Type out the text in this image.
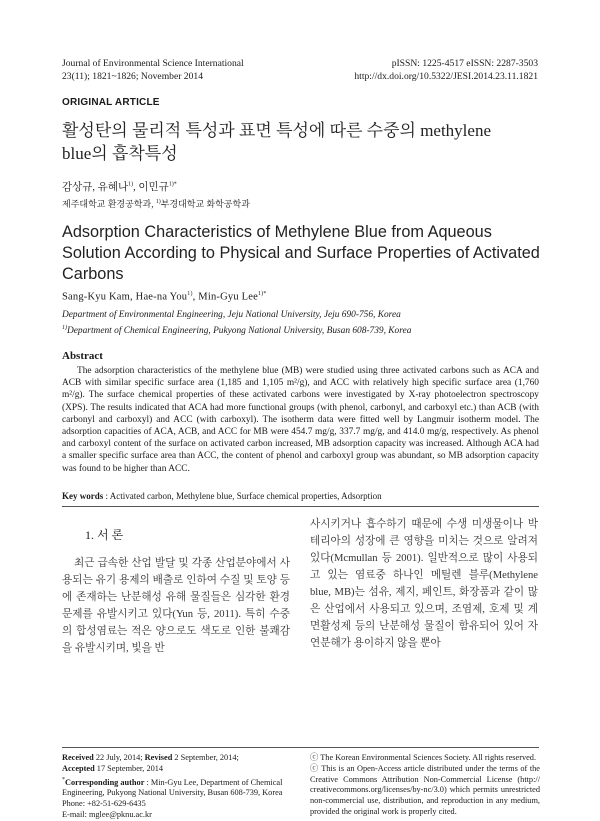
Journal of Environmental Science International
23(11); 1821~1826; November 2014
pISSN: 1225-4517 eISSN: 2287-3503
http://dx.doi.org/10.5322/JESI.2014.23.11.1821
ORIGINAL ARTICLE
활성탄의 물리적 특성과 표면 특성에 따른 수중의 methylene
blue의 흡착특성
감상규, 유혜나$^{1)}$, 이민규$^{1)*}$
제주대학교 환경공학과, $^{1)}$부경대학교 화학공학과
Adsorption Characteristics of Methylene Blue from Aqueous
Solution According to Physical and Surface Properties of Activated
Carbons
Sang-Kyu Kam, Hae-na You$^{1)}$, Min-Gyu Lee$^{1)*}$
Department of Environmental Engineering, Jeju National University, Jeju 690-756, Korea
$^{1)}$Department of Chemical Engineering, Pukyong National University, Busan 608-739, Korea
Abstract
The adsorption characteristics of the methylene blue (MB) were studied using three activated carbons such as ACA and ACB with similar specific surface area (1,185 and 1,105 m²/g), and ACC with relatively high specific surface area (1,760 m²/g). The surface chemical properties of these activated carbons were investigated by X-ray photoelectron spectroscopy (XPS). The results indicated that ACA had more functional groups (with phenol, carbonyl, and carboxyl etc.) than ACB (with carbonyl and carboxyl) and ACC (with carboxyl). The isotherm data were fitted well by Langmuir isotherm model. The adsorption capacities of ACA, ACB, and ACC for MB were 454.7 mg/g, 337.7 mg/g, and 414.0 mg/g, respectively. As phenol and carboxyl content of the surface on activated carbon increased, MB adsorption capacity was increased. Although ACA had a smaller specific surface area than ACC, the content of phenol and carboxyl group was abundant, so MB adsorption capacity was found to be higher than ACC.
Key words : Activated carbon, Methylene blue, Surface chemical properties, Adsorption
1. 서 론
최근 급속한 산업 발달 및 각종 산업분야에서 사용되는 유기 용제의 배출로 인하여 수질 및 토양 등에 존재하는 난분해성 유해 물질들은 심각한 환경 문제를 유발시키고 있다(Yun 등, 2011). 특히 수중의 합성염료는 적은 양으로도 색도로 인한 불쾌감을 유발시키며, 빛을 반
사시키거나 흡수하기 때문에 수생 미생물이나 박테리아의 성장에 큰 영향을 미치는 것으로 알려져 있다(Mcmullan 등 2001). 일반적으로 많이 사용되고 있는 염료중 하나인 메틸렌 블루(Methylene blue, MB)는 섬유, 제지, 페인트, 화장품과 같이 많은 산업에서 사용되고 있으며, 조염제, 호제 및 계면활성제 등의 난분해성 물질이 함유되어 있어 자연분해가 용이하지 않을 뿐아
Received 22 July, 2014; Revised 2 September, 2014;
Accepted 17 September, 2014
*Corresponding author : Min-Gyu Lee, Department of Chemical Engineering, Pukyong National University, Busan 608-739, Korea
Phone: +82-51-629-6435
E-mail: mglee@pknu.ac.kr
ⓒ The Korean Environmental Sciences Society. All rights reserved.
ⓒ This is an Open-Access article distributed under the terms of the Creative Commons Attribution Non-Commercial License (http:// creativecommons.org/licenses/by-nc/3.0) which permits unrestricted non-commercial use, distribution, and reproduction in any medium, provided the original work is properly cited.
